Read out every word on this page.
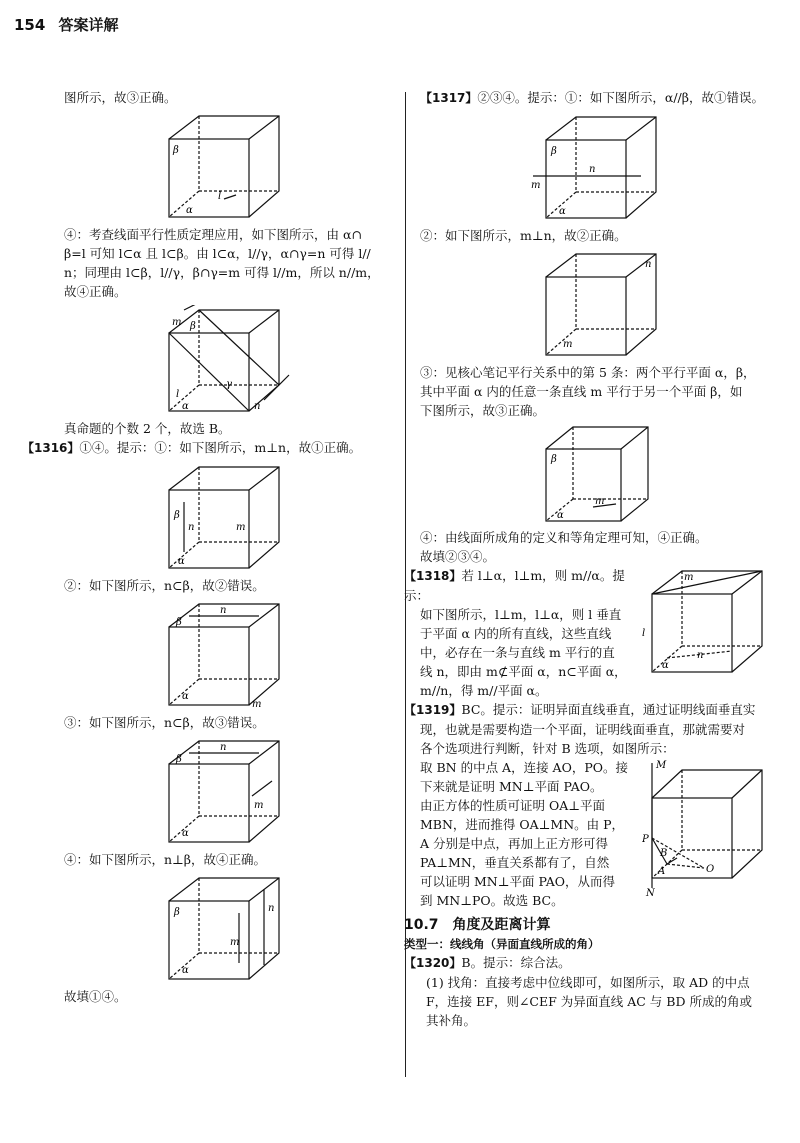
154 答案详解

图所示，故③正确。

β
α
l

④：考查线面平行性质定理应用，如下图所示，由 α∩

β=l 可知 l⊂α 且 l⊂β。由 l⊂α，l//γ，α∩γ=n 可得 l//

n；同理由 l⊂β，l//γ，β∩γ=m 可得 l//m，所以 n//m，

故④正确。

m β
γ
l
α	n

真命题的个数 2 个，故选 B。

【1316】①④。提示：①：如下图所示，m⊥n，故①正确。

β
n	m
α

②：如下图所示，n⊂β，故②错误。

β
n
α
m

③：如下图所示，n⊂β，故③错误。

β
n
m
α

④：如下图所示，n⊥β，故④正确。

β	n
m
α

故填①④。

【1317】②③④。提示：①：如下图所示，α//β，故①错误。

β
m
n
α

②：如下图所示，m⊥n，故②正确。

n
m

③：见核心笔记平行关系中的第 5 条：两个平行平面 α，β，

其中平面 α 内的任意一条直线 m 平行于另一个平面 β，如

下图所示，故③正确。

β
m
α

④：由线面所成角的定义和等角定理可知，④正确。

故填②③④。

【1318】若 l⊥α，l⊥m，则 m//α。提示：

如下图所示，l⊥m，l⊥α，则 l 垂直

于平面 α 内的所有直线，这些直线

中，必存在一条与直线 m 平行的直

线 n，即由 m⊄平面 α，n⊂平面 α，

m//n，得 m//平面 α。

l
n
m
α

【1319】BC。提示：证明异面直线垂直，通过证明线面垂直实

现，也就是需要构造一个平面，证明线面垂直，那就需要对

各个选项进行判断，针对 B 选项，如图所示：

取 BN 的中点 A，连接 AO，PO。接

下来就是证明 MN⊥平面 PAO。

由正方体的性质可证明 OA⊥平面

MBN，进而推得 OA⊥MN。由 P，

A 分别是中点，再加上正方形可得

PA⊥MN，垂直关系都有了，自然

可以证明 MN⊥平面 PAO，从而得

到 MN⊥PO。故选 BC。

M
P
B
A	O
N

10.7　角度及距离计算

类型一：线线角（异面直线所成的角）

【1320】B。提示：综合法。

(1) 找角：直接考虑中位线即可，如图所示，取 AD 的中点

F，连接 EF，则∠CEF 为异面直线 AC 与 BD 所成的角或

其补角。
